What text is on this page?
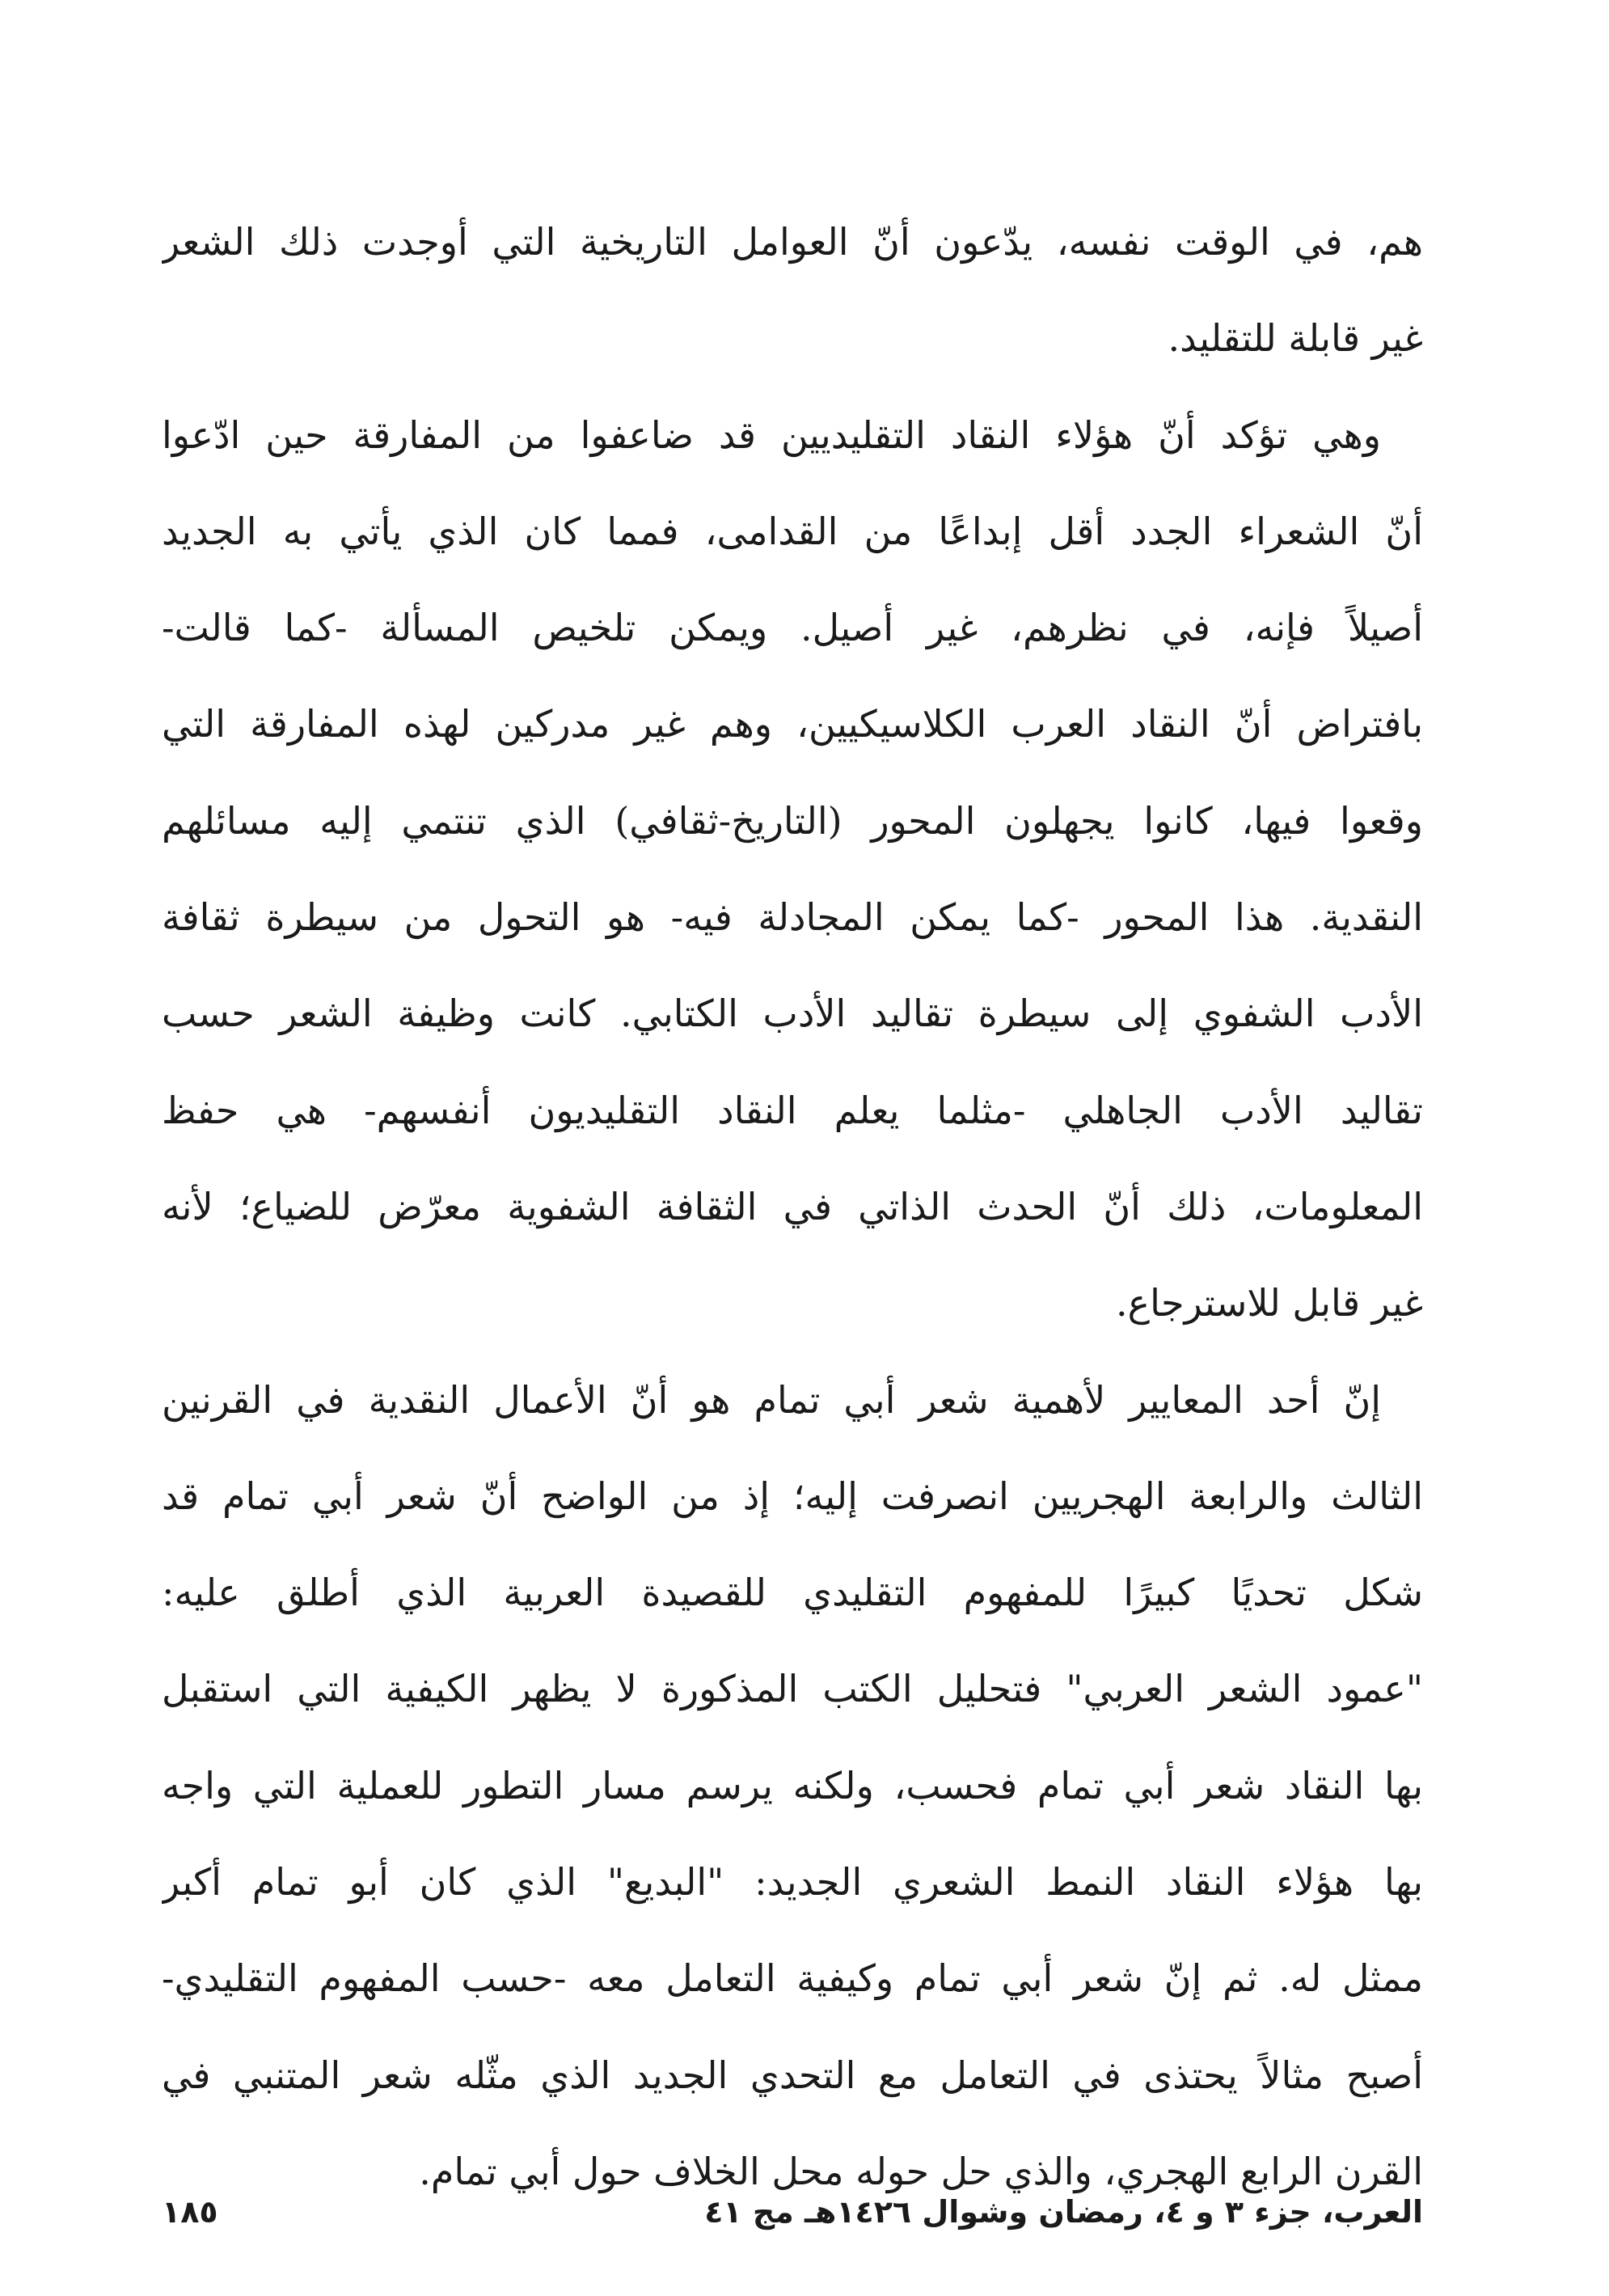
هم، في الوقت نفسه، يدّعون أنّ العوامل التاريخية التي أوجدت ذلك الشعر
غير قابلة للتقليد.
وهي تؤكد أنّ هؤلاء النقاد التقليديين قد ضاعفوا من المفارقة حين ادّعوا
أنّ الشعراء الجدد أقل إبداعًا من القدامى، فمما كان الذي يأتي به الجديد
أصيلاً فإنه، في نظرهم، غير أصيل. ويمكن تلخيص المسألة -كما قالت-
بافتراض أنّ النقاد العرب الكلاسيكيين، وهم غير مدركين لهذه المفارقة التي
وقعوا فيها، كانوا يجهلون المحور (التاريخ-ثقافي) الذي تنتمي إليه مسائلهم
النقدية. هذا المحور -كما يمكن المجادلة فيه- هو التحول من سيطرة ثقافة
الأدب الشفوي إلى سيطرة تقاليد الأدب الكتابي. كانت وظيفة الشعر حسب
تقاليد الأدب الجاهلي -مثلما يعلم النقاد التقليديون أنفسهم- هي حفظ
المعلومات، ذلك أنّ الحدث الذاتي في الثقافة الشفوية معرّض للضياع؛ لأنه
غير قابل للاسترجاع.
إنّ أحد المعايير لأهمية شعر أبي تمام هو أنّ الأعمال النقدية في القرنين
الثالث والرابعة الهجريين انصرفت إليه؛ إذ من الواضح أنّ شعر أبي تمام قد
شكل تحديًا كبيرًا للمفهوم التقليدي للقصيدة العربية الذي أطلق عليه:
"عمود الشعر العربي" فتحليل الكتب المذكورة لا يظهر الكيفية التي استقبل
بها النقاد شعر أبي تمام فحسب، ولكنه يرسم مسار التطور للعملية التي واجه
بها هؤلاء النقاد النمط الشعري الجديد: "البديع" الذي كان أبو تمام أكبر
ممثل له. ثم إنّ شعر أبي تمام وكيفية التعامل معه -حسب المفهوم التقليدي-
أصبح مثالاً يحتذى في التعامل مع التحدي الجديد الذي مثّله شعر المتنبي في
القرن الرابع الهجري، والذي حل حوله محل الخلاف حول أبي تمام.
العرب، جزء ٣ و ٤، رمضان وشوال ١٤٢٦هـ مج ٤١
١٨٥
